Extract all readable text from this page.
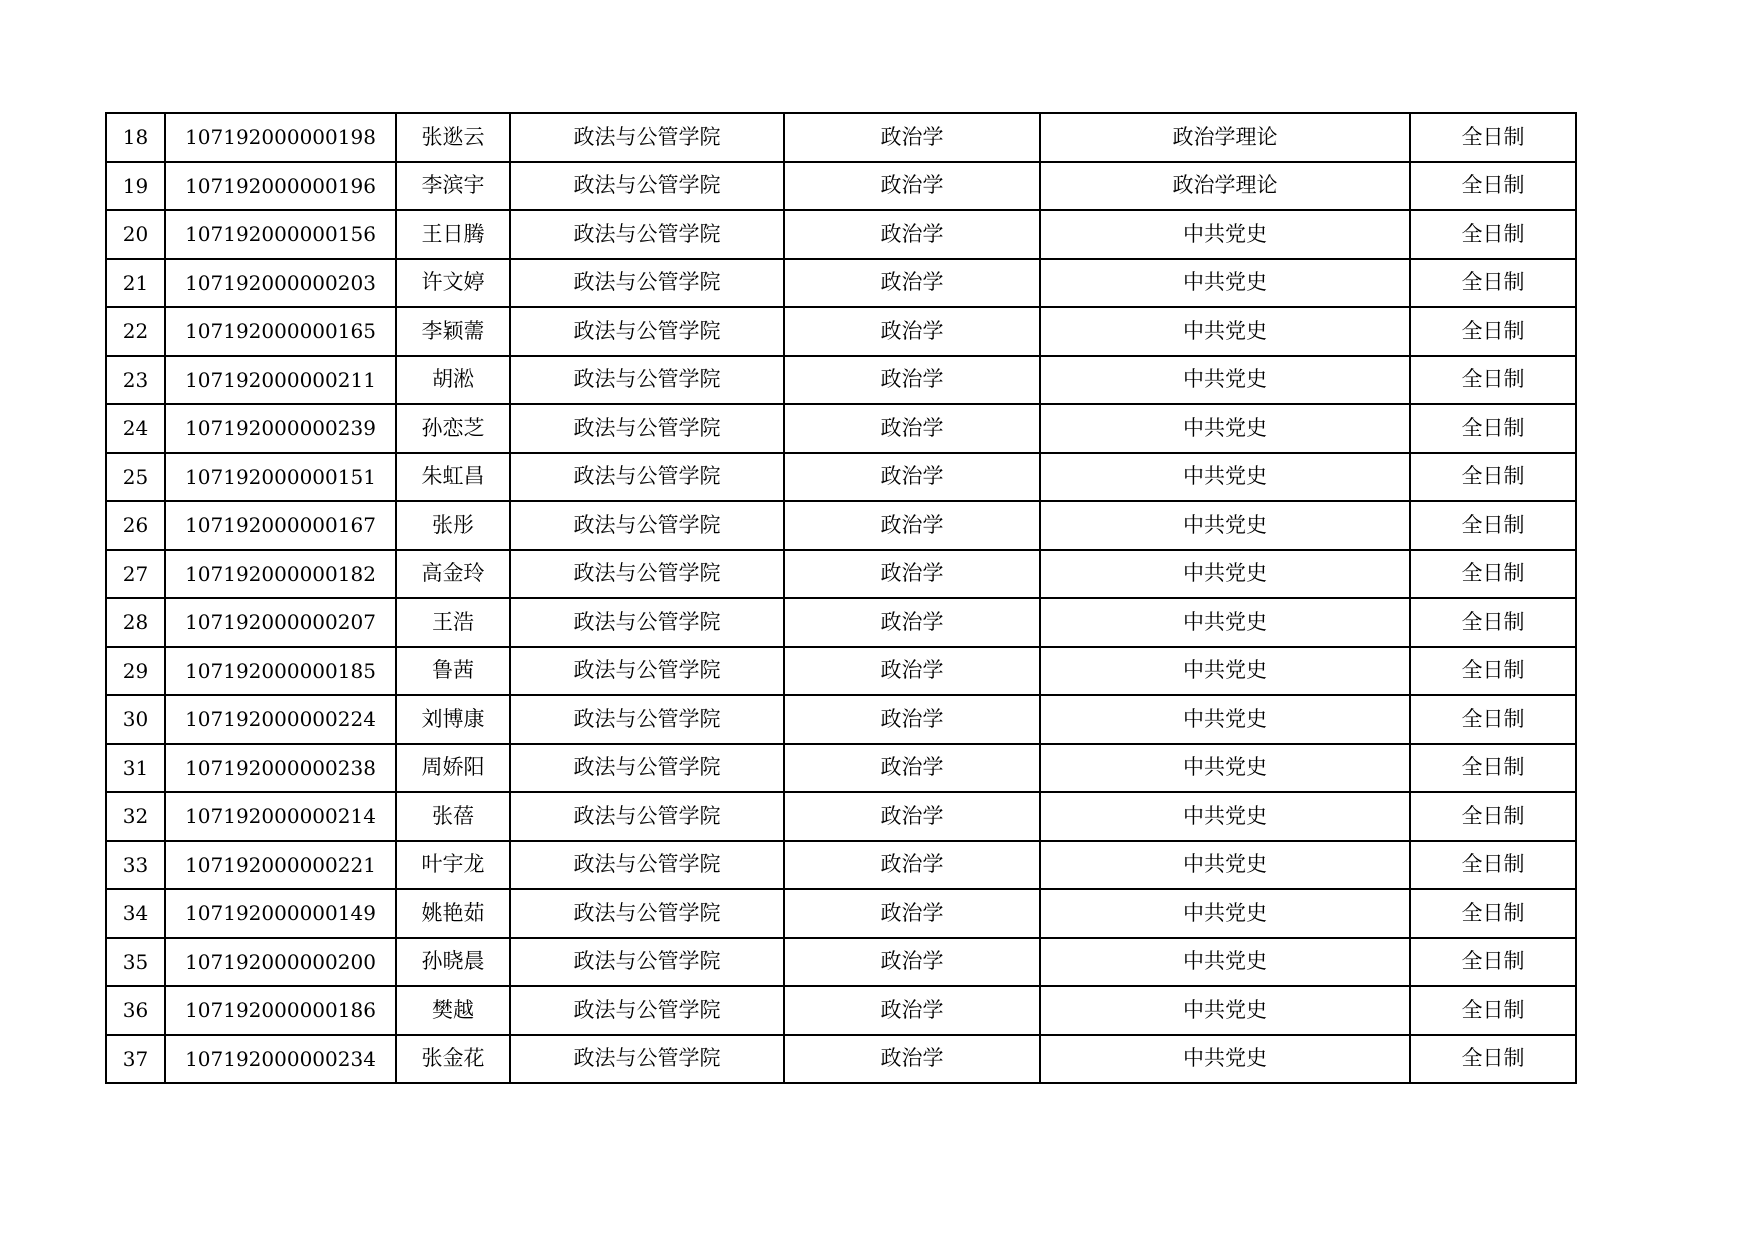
18	107192000000198	张逖云	政法与公管学院	政治学	政治学理论	全日制
19	107192000000196	李滨宇	政法与公管学院	政治学	政治学理论	全日制
20	107192000000156	王日腾	政法与公管学院	政治学	中共党史	全日制
21	107192000000203	许文婷	政法与公管学院	政治学	中共党史	全日制
22	107192000000165	李颖薷	政法与公管学院	政治学	中共党史	全日制
23	107192000000211	胡淞	政法与公管学院	政治学	中共党史	全日制
24	107192000000239	孙恋芝	政法与公管学院	政治学	中共党史	全日制
25	107192000000151	朱虹昌	政法与公管学院	政治学	中共党史	全日制
26	107192000000167	张彤	政法与公管学院	政治学	中共党史	全日制
27	107192000000182	高金玲	政法与公管学院	政治学	中共党史	全日制
28	107192000000207	王浩	政法与公管学院	政治学	中共党史	全日制
29	107192000000185	鲁茜	政法与公管学院	政治学	中共党史	全日制
30	107192000000224	刘博康	政法与公管学院	政治学	中共党史	全日制
31	107192000000238	周娇阳	政法与公管学院	政治学	中共党史	全日制
32	107192000000214	张蓓	政法与公管学院	政治学	中共党史	全日制
33	107192000000221	叶宇龙	政法与公管学院	政治学	中共党史	全日制
34	107192000000149	姚艳茹	政法与公管学院	政治学	中共党史	全日制
35	107192000000200	孙晓晨	政法与公管学院	政治学	中共党史	全日制
36	107192000000186	樊越	政法与公管学院	政治学	中共党史	全日制
37	107192000000234	张金花	政法与公管学院	政治学	中共党史	全日制
